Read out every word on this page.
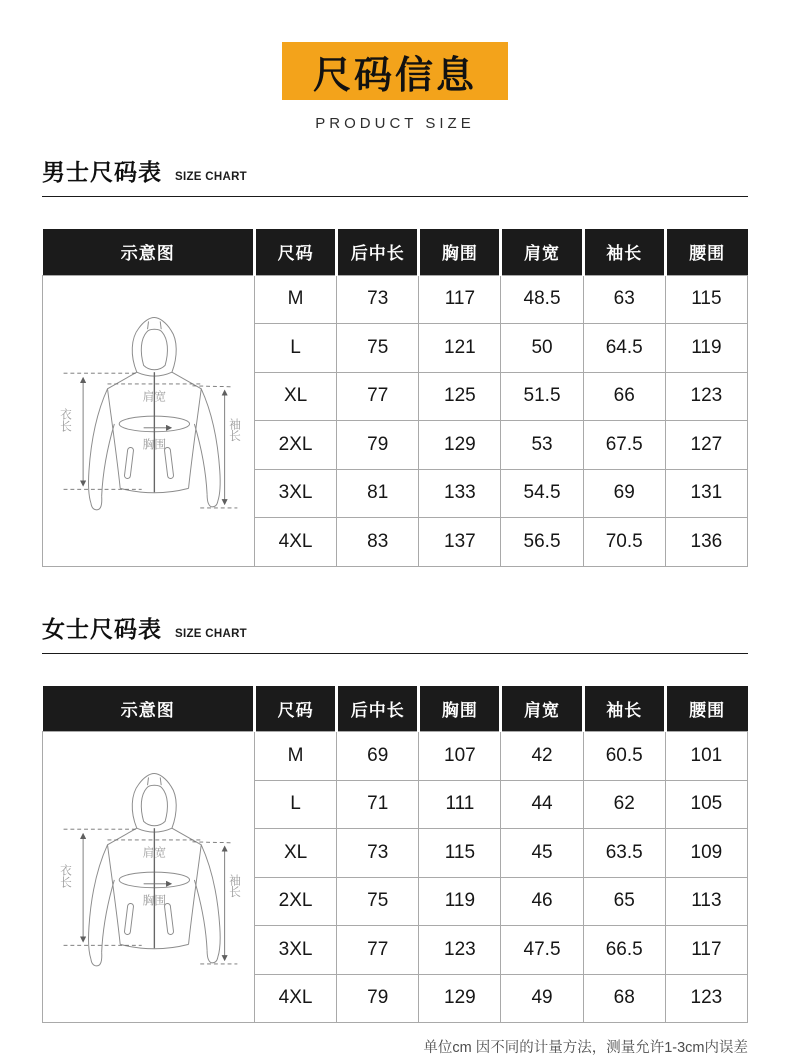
尺码信息
PRODUCT SIZE
男士尺码表 SIZE CHART
示意图	尺码	后中长	胸围	肩宽	袖长	腰围

肩宽
胸围
衣长 袖长	M	73	117	48.5	63	115
	L	75	121	50	64.5	119
	XL	77	125	51.5	66	123
	2XL	79	129	53	67.5	127
	3XL	81	133	54.5	69	131
	4XL	83	137	56.5	70.5	136
女士尺码表 SIZE CHART
示意图	尺码	后中长	胸围	肩宽	袖长	腰围

肩宽
胸围
衣长 袖长	M	69	107	42	60.5	101
	L	71	111	44	62	105
	XL	73	115	45	63.5	109
	2XL	75	119	46	65	113
	3XL	77	123	47.5	66.5	117
	4XL	79	129	49	68	123
单位cm 因不同的计量方法，测量允许1-3cm内误差
